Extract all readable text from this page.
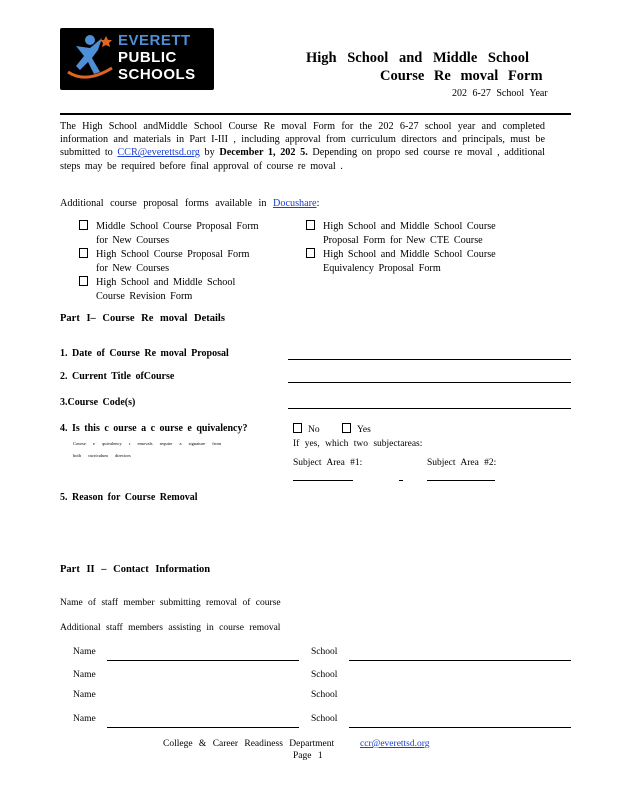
EVERETT
PUBLIC
SCHOOLS
High School and Middle School
Course Re moval Form
202 6-27 School Year
The High School andMiddle School Course Re moval Form for the 202 6-27 school year and completed information and materials in Part I-III , including approval from curriculum directors and principals, must be submitted to CCR@everettsd.org by December 1, 202 5. Depending on propo sed course re moval , additional steps may be required before final approval of course re moval .
Additional course proposal forms available in Docushare:
Middle School Course Proposal Form for New Courses
High School Course Proposal Form for New Courses
High School and Middle School Course Revision Form
High School and Middle School Course Proposal Form for New CTE Course
High School and Middle School Course Equivalency Proposal Form
Part I– Course Re moval Details
1. Date of Course Re moval Proposal
2. Current Title ofCourse
3.Course Code(s)
4. Is this c ourse a c ourse e quivalency?
Course e quivalency r emovals require a signature from
both curriculum directors
No	Yes
If yes, which two subjectareas:
Subject Area #1:	Subject Area #2:
5. Reason for Course Removal
Part II – Contact Information
Name of staff member submitting removal of course
Additional staff members assisting in course removal
Name	School
Name	School
Name	School
Name	School
College & Career Readiness Department	ccr@everettsd.org
Page 1
